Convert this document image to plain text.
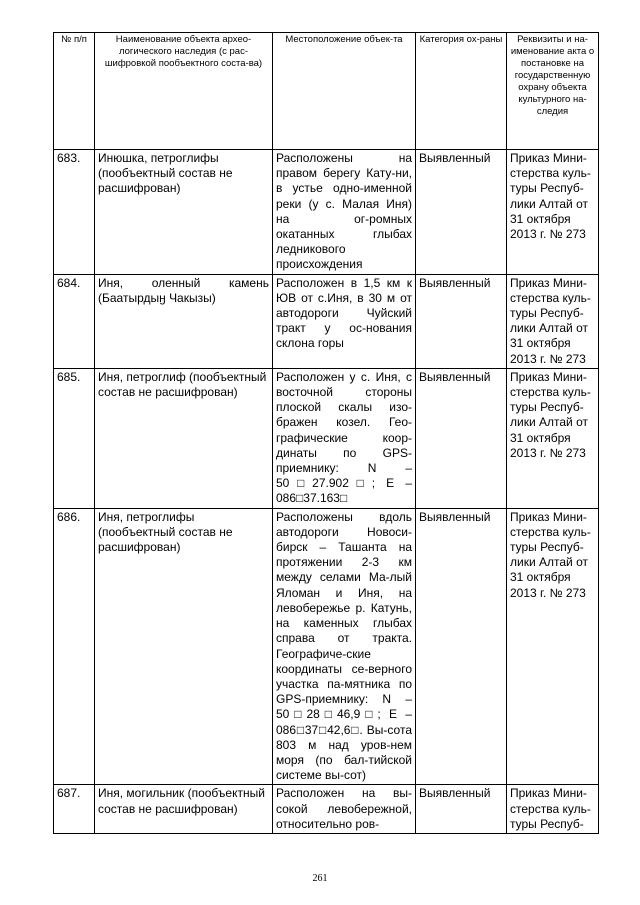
№ п/п	Наименование объекта архео-логического наследия (с рас-шифровкой пообъектного соста-ва)	Местоположение объек-та	Категория ох-раны	Реквизиты и на-именование акта о постановке на государственную охрану объекта культурного на-следия
683.	Инюшка, петроглифы (пообъектный состав не расшифрован)	Расположены на правом берегу Кату-ни, в устье одно-именной реки (у с. Малая Иня) на ог-ромных окатанных глыбах ледникового происхождения	Выявленный	Приказ Мини-стерства куль-туры Респуб-лики Алтай от 31 октября 2013 г. № 273
684.	Иня, оленный камень (Баатырдыӈ Чакызы)	Расположен в 1,5 км к ЮВ от с.Иня, в 30 м от автодороги Чуйский тракт у ос-нования склона горы	Выявленный	Приказ Мини-стерства куль-туры Респуб-лики Алтай от 31 октября 2013 г. № 273
685.	Иня, петроглиф (пообъектный состав не расшифрован)	Расположен у с. Иня, с восточной стороны плоской скалы изо-бражен козел. Гео-графические коор-динаты по GPS-приемнику: N – 50□27.902□; E – 086□37.163□	Выявленный	Приказ Мини-стерства куль-туры Респуб-лики Алтай от 31 октября 2013 г. № 273
686.	Иня, петроглифы (пообъектный состав не расшифрован)	Расположены вдоль автодороги Новоси-бирск – Ташанта на протяжении 2-3 км между селами Ма-лый Яломан и Иня, на левобережье р. Катунь, на каменных глыбах справа от тракта. Географиче-ские координаты се-верного участка па-мятника по GPS-приемнику: N – 50□28□46,9□; E – 086□37□42,6□. Вы-сота 803 м над уров-нем моря (по бал-тийской системе вы-сот)	Выявленный	Приказ Мини-стерства куль-туры Респуб-лики Алтай от 31 октября 2013 г. № 273
687.	Иня, могильник (пообъектный состав не расшифрован)	Расположен на вы-сокой левобережной, относительно ров-	Выявленный	Приказ Мини-стерства куль-туры Респуб-
261
